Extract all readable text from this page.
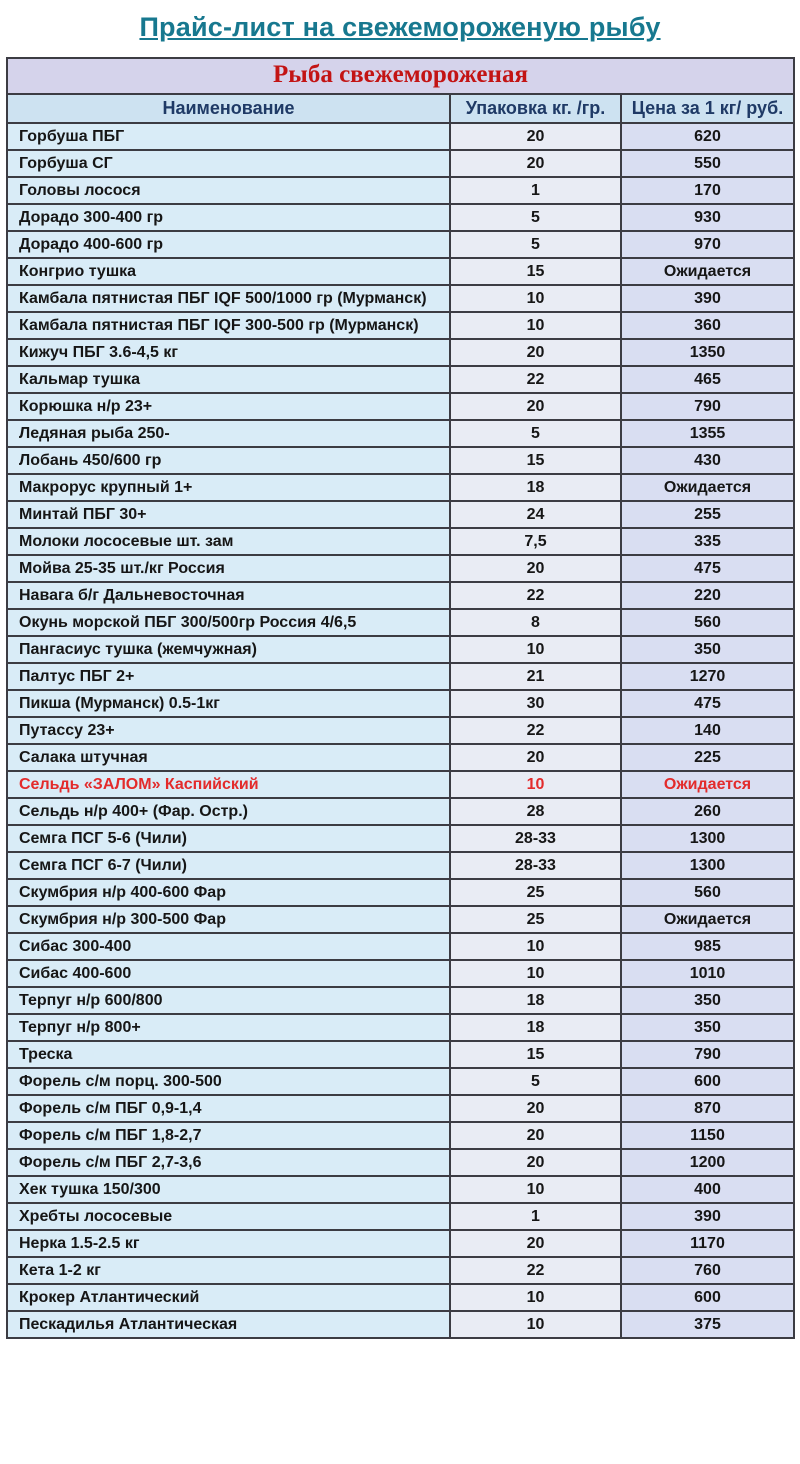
Прайс-лист на свежемороженую рыбу
Рыба свежемороженая		
Наименование	Упаковка кг. /гр.	Цена за 1 кг/ руб.
Горбуша ПБГ	20	620
Горбуша СГ	20	550
Головы лосося	1	170
Дорадо 300-400 гр	5	930
Дорадо 400-600 гр	5	970
Конгрио тушка	15	Ожидается
Камбала пятнистая ПБГ IQF 500/1000 гр (Мурманск)	10	390
Камбала пятнистая ПБГ IQF 300-500 гр (Мурманск)	10	360
Кижуч ПБГ 3.6-4,5 кг	20	1350
Кальмар тушка	22	465
Корюшка н/р 23+	20	790
Ледяная рыба 250-	5	1355
Лобань 450/600 гр	15	430
Макрорус крупный 1+	18	Ожидается
Минтай ПБГ 30+	24	255
Молоки лососевые шт. зам	7,5	335
Мойва 25-35 шт./кг Россия	20	475
Навага б/г Дальневосточная	22	220
Окунь морской ПБГ 300/500гр Россия 4/6,5	8	560
Пангасиус тушка (жемчужная)	10	350
Палтус ПБГ 2+	21	1270
Пикша (Мурманск) 0.5-1кг	30	475
Путассу 23+	22	140
Салака штучная	20	225
Сельдь «ЗАЛОМ» Каспийский	10	Ожидается
Сельдь н/р 400+ (Фар. Остр.)	28	260
Семга ПСГ 5-6 (Чили)	28-33	1300
Семга ПСГ 6-7 (Чили)	28-33	1300
Скумбрия н/р 400-600 Фар	25	560
Скумбрия н/р 300-500 Фар	25	Ожидается
Сибас 300-400	10	985
Сибас 400-600	10	1010
Терпуг н/р 600/800	18	350
Терпуг н/р 800+	18	350
Треска	15	790
Форель с/м порц. 300-500	5	600
Форель с/м ПБГ 0,9-1,4	20	870
Форель с/м ПБГ 1,8-2,7	20	1150
Форель с/м ПБГ 2,7-3,6	20	1200
Хек тушка 150/300	10	400
Хребты лососевые	1	390
Нерка 1.5-2.5 кг	20	1170
Кета 1-2 кг	22	760
Крокер Атлантический	10	600
Пескадилья Атлантическая	10	375
